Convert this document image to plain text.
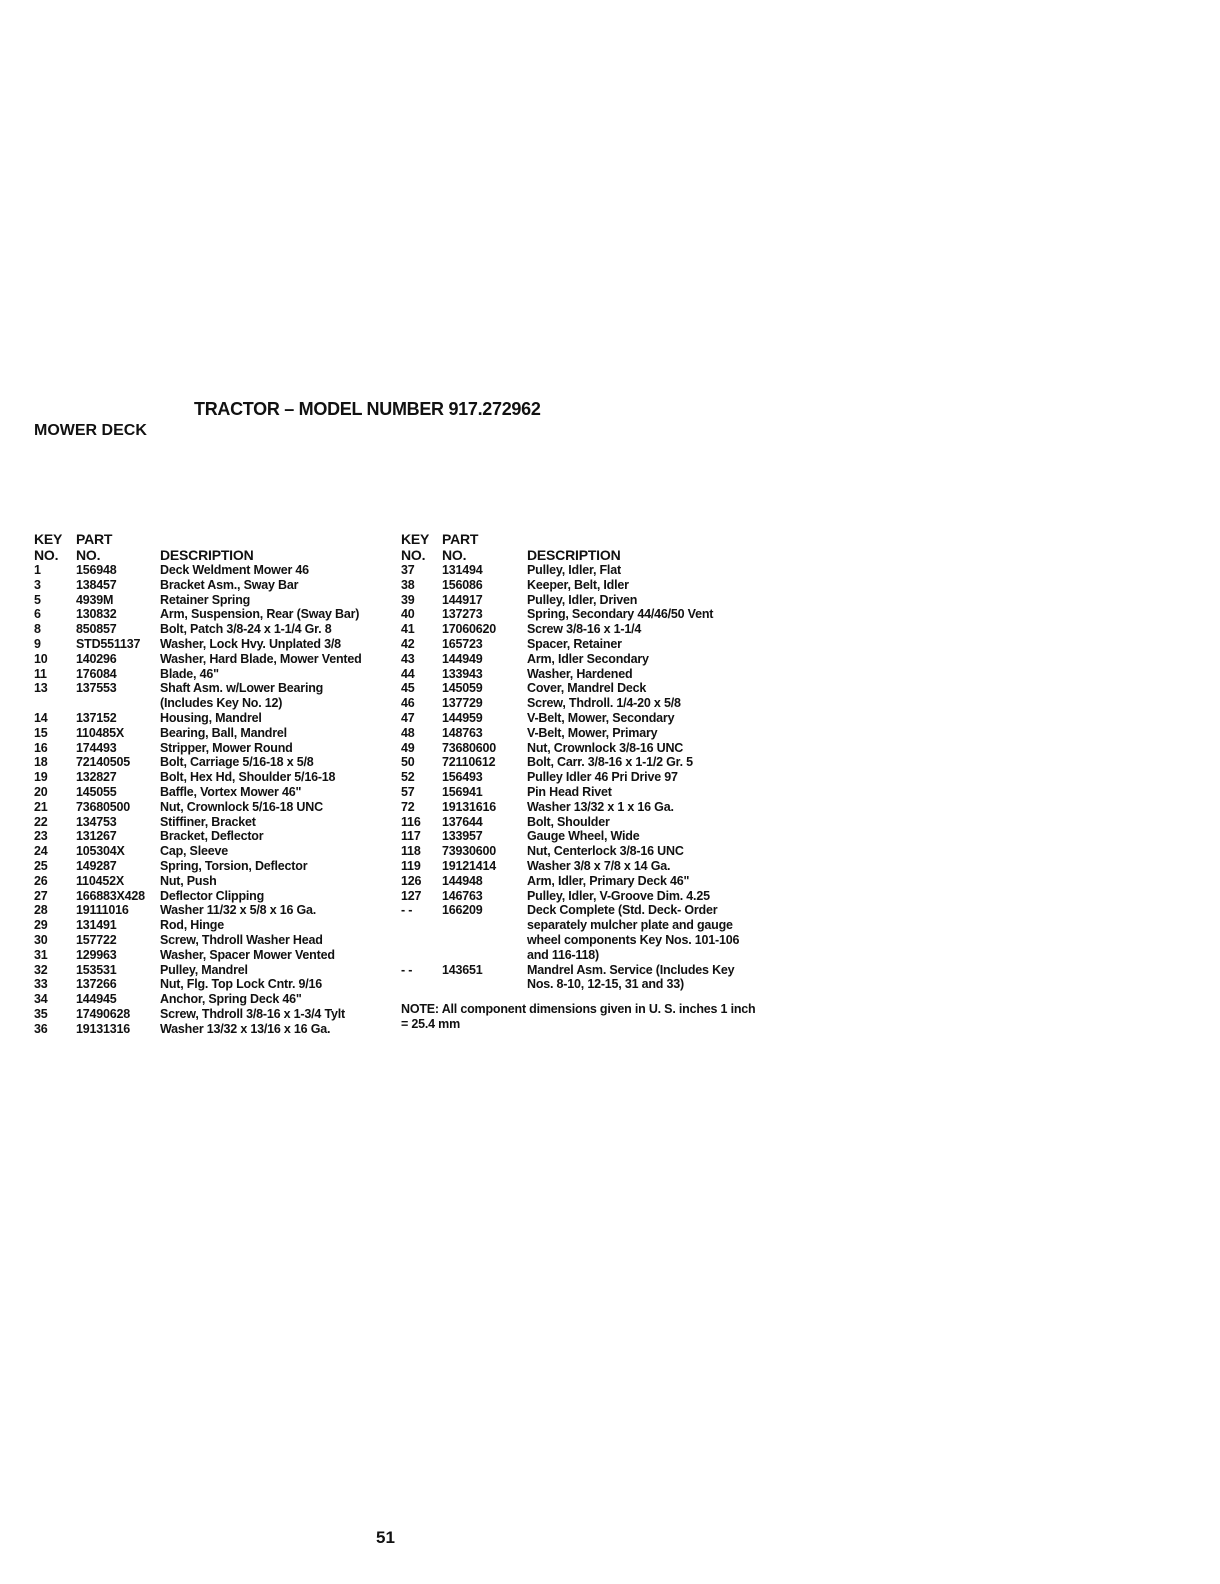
TRACTOR – MODEL NUMBER 917.272962
MOWER DECK
KEY
NO.
PART
NO.	DESCRIPTION
1	156948	Deck Weldment Mower 46
3	138457	Bracket Asm., Sway Bar
5	4939M	Retainer Spring
6	130832	Arm, Suspension, Rear (Sway Bar)
8	850857	Bolt, Patch 3/8-24 x 1-1/4 Gr. 8
9	STD551137	Washer, Lock Hvy. Unplated 3/8
10	140296	Washer, Hard Blade, Mower Vented
11	176084	Blade, 46"
13	137553	Shaft Asm. w/Lower Bearing (Includes Key No. 12)
14	137152	Housing, Mandrel
15	110485X	Bearing, Ball, Mandrel
16	174493	Stripper, Mower Round
18	72140505	Bolt, Carriage 5/16-18 x 5/8
19	132827	Bolt, Hex Hd, Shoulder 5/16-18
20	145055	Baffle, Vortex Mower 46"
21	73680500	Nut, Crownlock 5/16-18 UNC
22	134753	Stiffiner, Bracket
23	131267	Bracket, Deflector
24	105304X	Cap, Sleeve
25	149287	Spring, Torsion, Deflector
26	110452X	Nut, Push
27	166883X428	Deflector Clipping
28	19111016	Washer 11/32 x 5/8 x 16 Ga.
29	131491	Rod, Hinge
30	157722	Screw, Thdroll Washer Head
31	129963	Washer, Spacer Mower Vented
32	153531	Pulley, Mandrel
33	137266	Nut, Flg. Top Lock Cntr. 9/16
34	144945	Anchor, Spring Deck 46"
35	17490628	Screw, Thdroll 3/8-16 x 1-3/4 Tylt
36	19131316	Washer 13/32 x 13/16 x 16 Ga.
KEY
NO.
PART
NO.	DESCRIPTION
37	131494	Pulley, Idler, Flat
38	156086	Keeper, Belt, Idler
39	144917	Pulley, Idler, Driven
40	137273	Spring, Secondary 44/46/50 Vent
41	17060620	Screw 3/8-16 x 1-1/4
42	165723	Spacer, Retainer
43	144949	Arm, Idler Secondary
44	133943	Washer, Hardened
45	145059	Cover, Mandrel Deck
46	137729	Screw, Thdroll. 1/4-20 x 5/8
47	144959	V-Belt, Mower, Secondary
48	148763	V-Belt, Mower, Primary
49	73680600	Nut, Crownlock 3/8-16 UNC
50	72110612	Bolt, Carr. 3/8-16 x 1-1/2 Gr. 5
52	156493	Pulley Idler 46 Pri Drive 97
57	156941	Pin Head Rivet
72	19131616	Washer 13/32 x 1 x 16 Ga.
116	137644	Bolt, Shoulder
117	133957	Gauge Wheel, Wide
118	73930600	Nut, Centerlock 3/8-16 UNC
119	19121414	Washer 3/8 x 7/8 x 14 Ga.
126	144948	Arm, Idler, Primary Deck 46"
127	146763	Pulley, Idler, V-Groove Dim. 4.25
- -	166209	Deck Complete (Std. Deck- Order separately mulcher plate and gauge wheel components Key Nos. 101-106 and 116-118)
- -	143651	Mandrel Asm. Service (Includes Key Nos. 8-10, 12-15, 31 and 33)
NOTE: All component dimensions given in U. S. inches 1 inch = 25.4 mm
51
